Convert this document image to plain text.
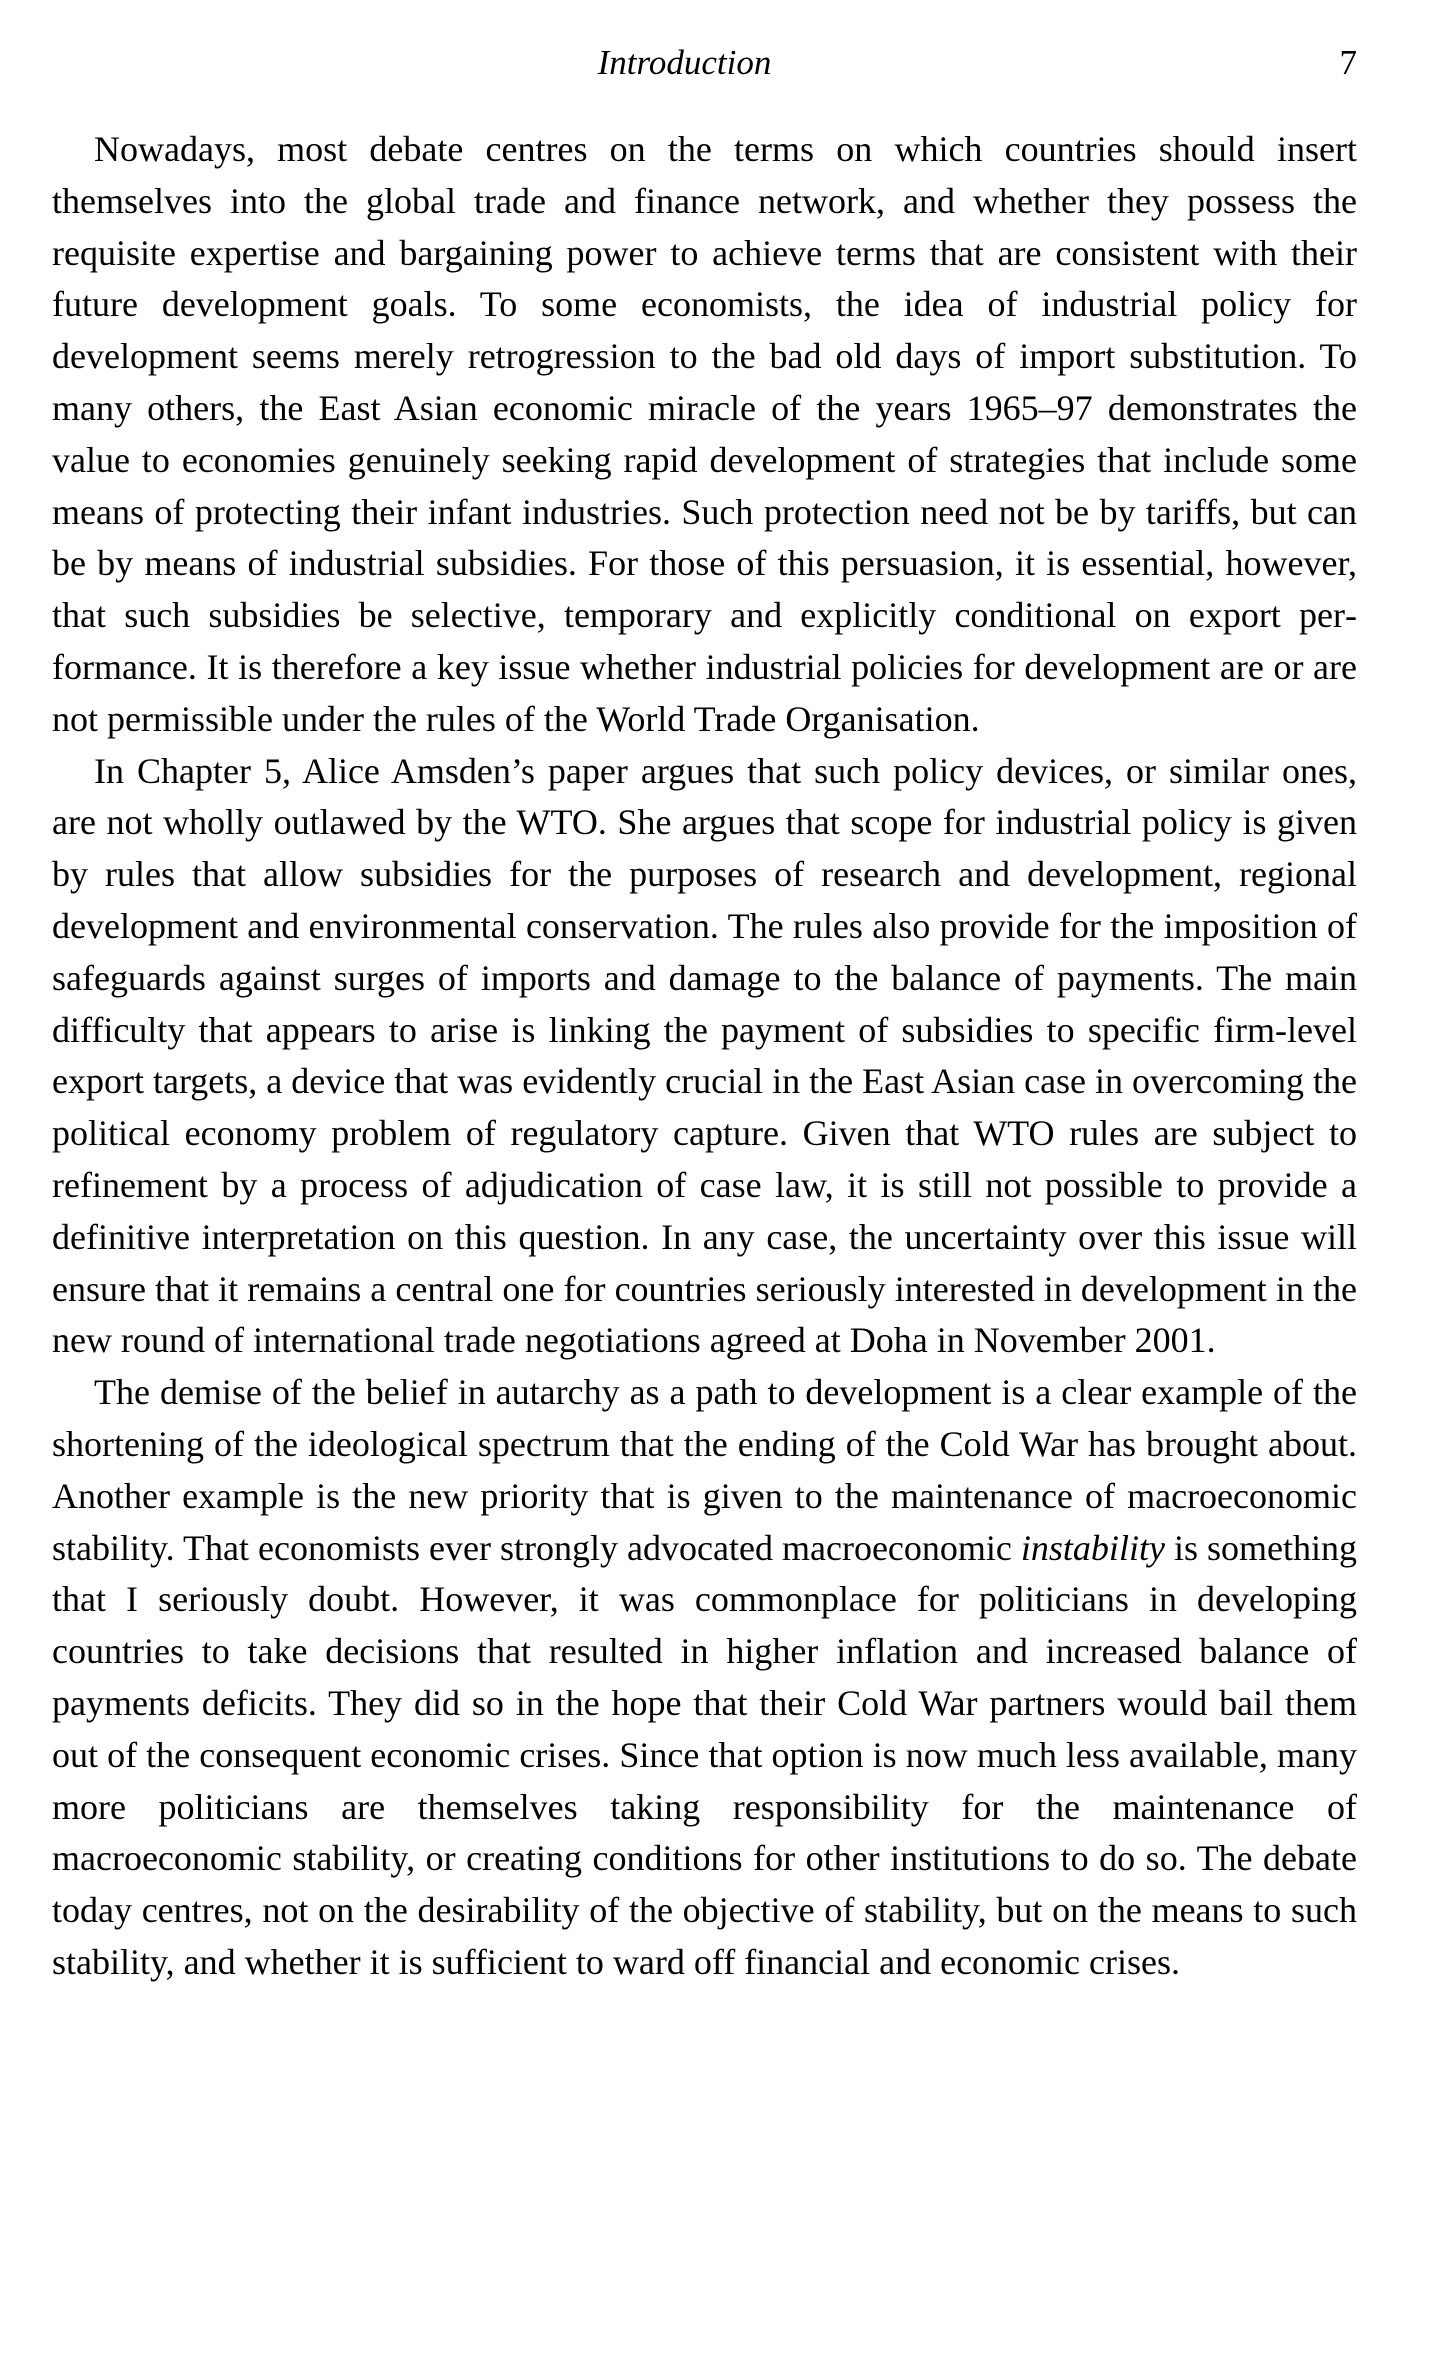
Introduction	7

Nowadays, most debate centres on the terms on which countries should insert themselves into the global trade and finance network, and whether they possess the requisite expertise and bargaining power to achieve terms that are consistent with their future development goals. To some economists, the idea of industrial policy for development seems merely retrogression to the bad old days of import substitution. To many others, the East Asian economic miracle of the years 1965–97 demonstrates the value to economies genuinely seeking rapid development of strategies that include some means of protecting their infant industries. Such protection need not be by tariffs, but can be by means of industrial subsidies. For those of this persuasion, it is essential, however, that such subsidies be selective, temporary and explicitly conditional on export performance. It is therefore a key issue whether industrial policies for development are or are not permissible under the rules of the World Trade Organisation.

In Chapter 5, Alice Amsden’s paper argues that such policy devices, or similar ones, are not wholly outlawed by the WTO. She argues that scope for industrial policy is given by rules that allow subsidies for the purposes of research and development, regional development and environmental conservation. The rules also provide for the imposition of safeguards against surges of imports and damage to the balance of payments. The main difficulty that appears to arise is linking the payment of subsidies to specific firm-level export targets, a device that was evidently crucial in the East Asian case in overcoming the political economy problem of regulatory capture. Given that WTO rules are subject to refinement by a process of adjudication of case law, it is still not possible to provide a definitive interpretation on this question. In any case, the uncertainty over this issue will ensure that it remains a central one for countries seriously interested in development in the new round of international trade negotiations agreed at Doha in November 2001.

The demise of the belief in autarchy as a path to development is a clear example of the shortening of the ideological spectrum that the ending of the Cold War has brought about. Another example is the new priority that is given to the maintenance of macroeconomic stability. That economists ever strongly advocated macroeconomic instability is something that I seriously doubt. However, it was commonplace for politicians in developing countries to take decisions that resulted in higher inflation and increased balance of payments deficits. They did so in the hope that their Cold War partners would bail them out of the consequent economic crises. Since that option is now much less available, many more politicians are themselves taking responsibility for the maintenance of macroeconomic stability, or creating conditions for other institutions to do so. The debate today centres, not on the desirability of the objective of stability, but on the means to such stability, and whether it is sufficient to ward off financial and economic crises.
